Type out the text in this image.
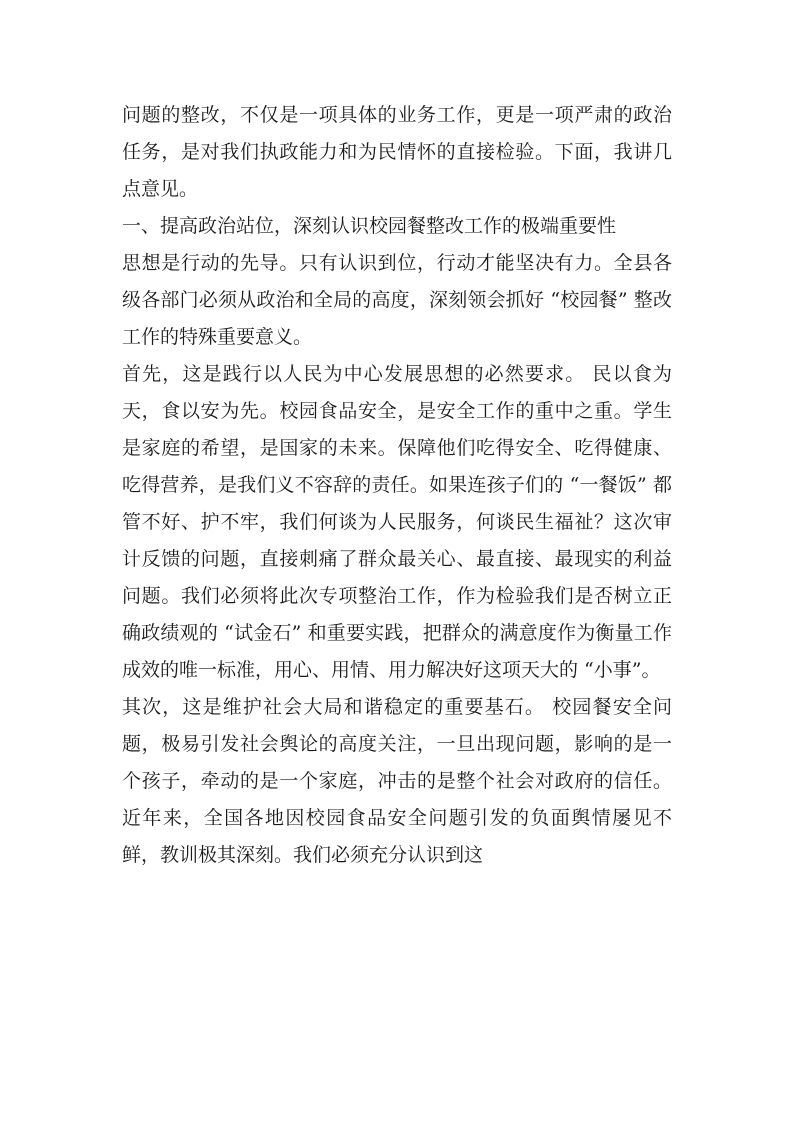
问题的整改，不仅是一项具体的业务工作，更是一项严肃的政治任务，是对我们执政能力和为民情怀的直接检验。下面，我讲几点意见。

一、提高政治站位，深刻认识校园餐整改工作的极端重要性

思想是行动的先导。只有认识到位，行动才能坚决有力。全县各级各部门必须从政治和全局的高度，深刻领会抓好 “校园餐” 整改工作的特殊重要意义。

首先，这是践行以人民为中心发展思想的必然要求。 民以食为天，食以安为先。校园食品安全，是安全工作的重中之重。学生是家庭的希望，是国家的未来。保障他们吃得安全、吃得健康、吃得营养，是我们义不容辞的责任。如果连孩子们的 “一餐饭” 都管不好、护不牢，我们何谈为人民服务，何谈民生福祉？这次审计反馈的问题，直接刺痛了群众最关心、最直接、最现实的利益问题。我们必须将此次专项整治工作，作为检验我们是否树立正确政绩观的 “试金石” 和重要实践，把群众的满意度作为衡量工作成效的唯一标准，用心、用情、用力解决好这项天大的 “小事”。

其次，这是维护社会大局和谐稳定的重要基石。 校园餐安全问题，极易引发社会舆论的高度关注，一旦出现问题，影响的是一个孩子，牵动的是一个家庭，冲击的是整个社会对政府的信任。近年来，全国各地因校园食品安全问题引发的负面舆情屡见不鲜，教训极其深刻。我们必须充分认识到这
